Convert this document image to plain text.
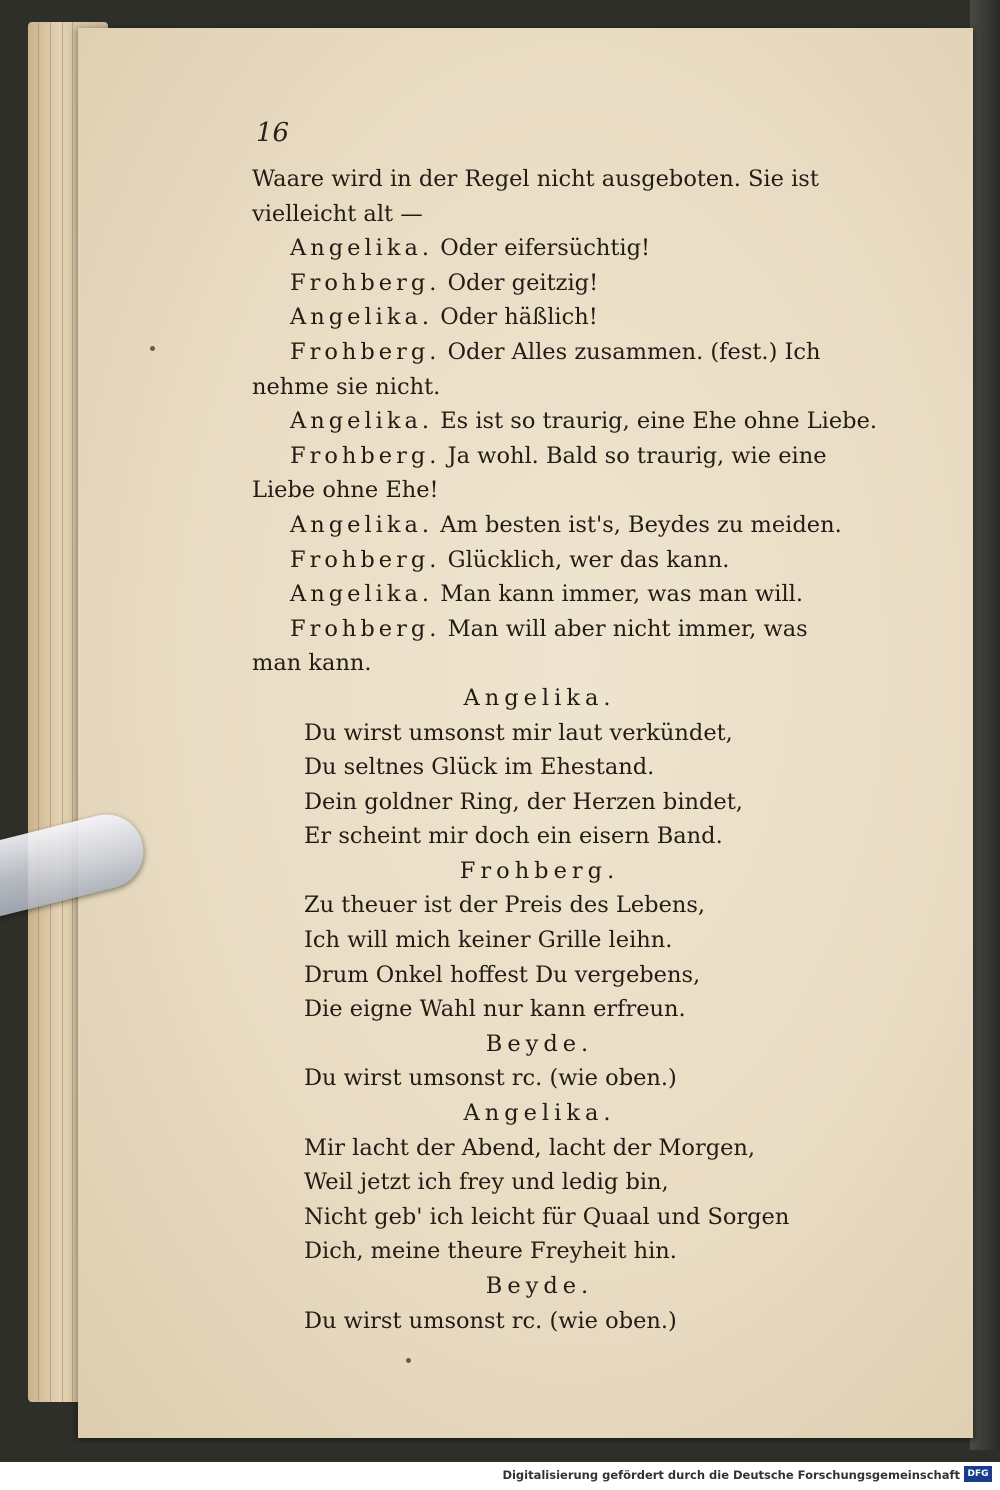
16
Waare wird in der Regel nicht ausgeboten. Sie ist
vielleicht alt —
Angelika. Oder eifersüchtig!
Frohberg. Oder geitzig!
Angelika. Oder häßlich!
Frohberg. Oder Alles zusammen. (fest.) Ich
nehme sie nicht.
Angelika. Es ist so traurig, eine Ehe ohne Liebe.
Frohberg. Ja wohl. Bald so traurig, wie eine
Liebe ohne Ehe!
Angelika. Am besten ist's, Beydes zu meiden.
Frohberg. Glücklich, wer das kann.
Angelika. Man kann immer, was man will.
Frohberg. Man will aber nicht immer, was
man kann.
Angelika.
Du wirst umsonst mir laut verkündet,
Du seltnes Glück im Ehestand.
Dein goldner Ring, der Herzen bindet,
Er scheint mir doch ein eisern Band.
Frohberg.
Zu theuer ist der Preis des Lebens,
Ich will mich keiner Grille leihn.
Drum Onkel hoffest Du vergebens,
Die eigne Wahl nur kann erfreun.
Beyde.
Du wirst umsonst rc. (wie oben.)
Angelika.
Mir lacht der Abend, lacht der Morgen,
Weil jetzt ich frey und ledig bin,
Nicht geb' ich leicht für Quaal und Sorgen
Dich, meine theure Freyheit hin.
Beyde.
Du wirst umsonst rc. (wie oben.)
Digitalisierung gefördert durch die Deutsche Forschungsgemeinschaft DFG
